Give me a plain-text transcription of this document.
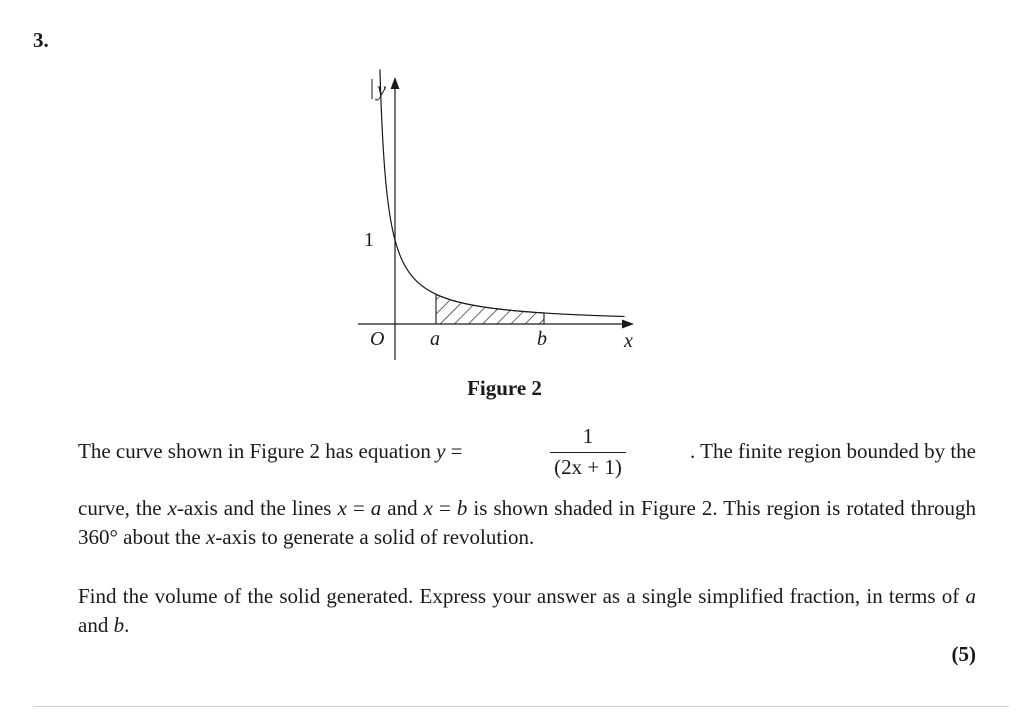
3.
y
1
O a	b	x
Figure 2
The curve shown in Figure 2 has equation y =
1
(2x + 1)
. The finite region bounded by the
curve, the x-axis and the lines x = a and x = b is shown shaded in Figure 2. This region is rotated through 360° about the x-axis to generate a solid of revolution.
Find the volume of the solid generated. Express your answer as a single simplified fraction, in terms of a and b.
(5)
